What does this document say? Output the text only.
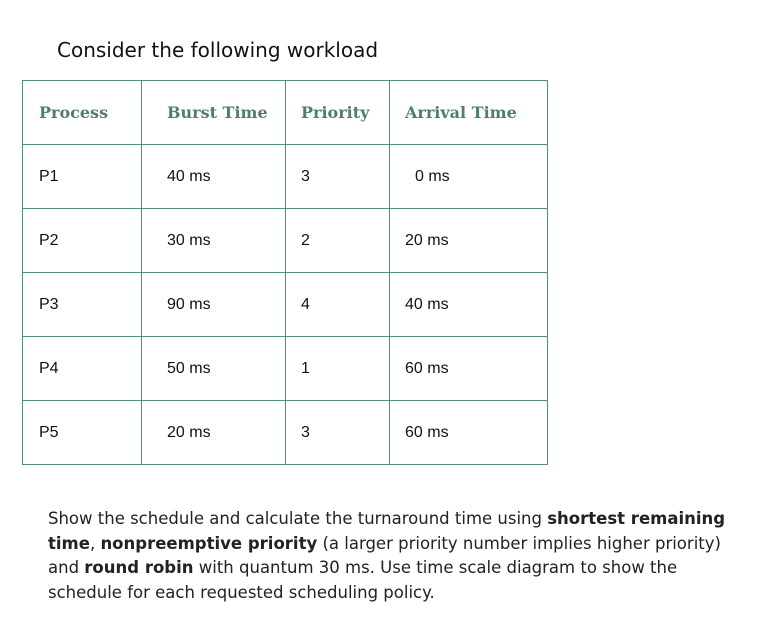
Consider the following workload
Process	Burst Time	Priority	Arrival Time
P1	40 ms	3	0 ms
P2	30 ms	2	20 ms
P3	90 ms	4	40 ms
P4	50 ms	1	60 ms
P5	20 ms	3	60 ms

Show the schedule and calculate the turnaround time using shortest remaining time, nonpreemptive priority (a larger priority number implies higher priority) and round robin with quantum 30 ms. Use time scale diagram to show the schedule for each requested scheduling policy.
